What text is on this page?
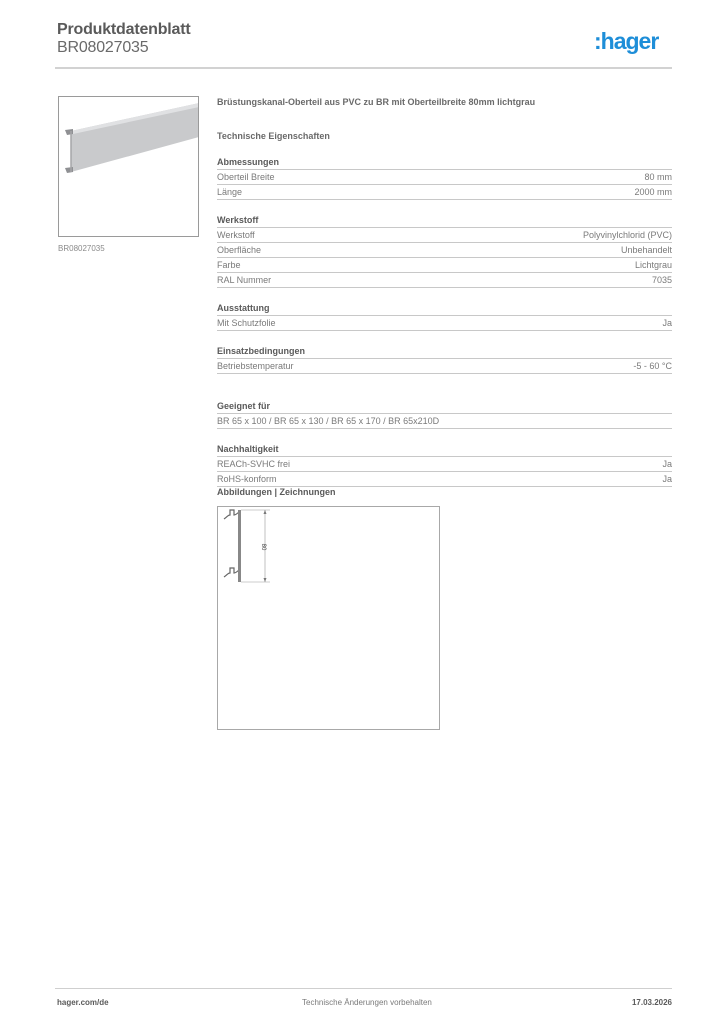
Produktdatenblatt
BR08027035	:hager
BR08027035
Brüstungskanal-Oberteil aus PVC zu BR mit Oberteilbreite 80mm lichtgrau
Technische Eigenschaften
Abmessungen
Oberteil Breite	80 mm
Länge	2000 mm
Werkstoff
Werkstoff	Polyvinylchlorid (PVC)
Oberfläche	Unbehandelt
Farbe	Lichtgrau
RAL Nummer	7035
Ausstattung
Mit Schutzfolie	Ja
Einsatzbedingungen
Betriebstemperatur	-5 - 60 °C
Geeignet für
BR 65 x 100 / BR 65 x 130 / BR 65 x 170 / BR 65x210D
Nachhaltigkeit
REACh-SVHC frei	Ja
RoHS-konform	Ja
Abbildungen | Zeichnungen
80
hager.com/de	Technische Änderungen vorbehalten	17.03.2026
